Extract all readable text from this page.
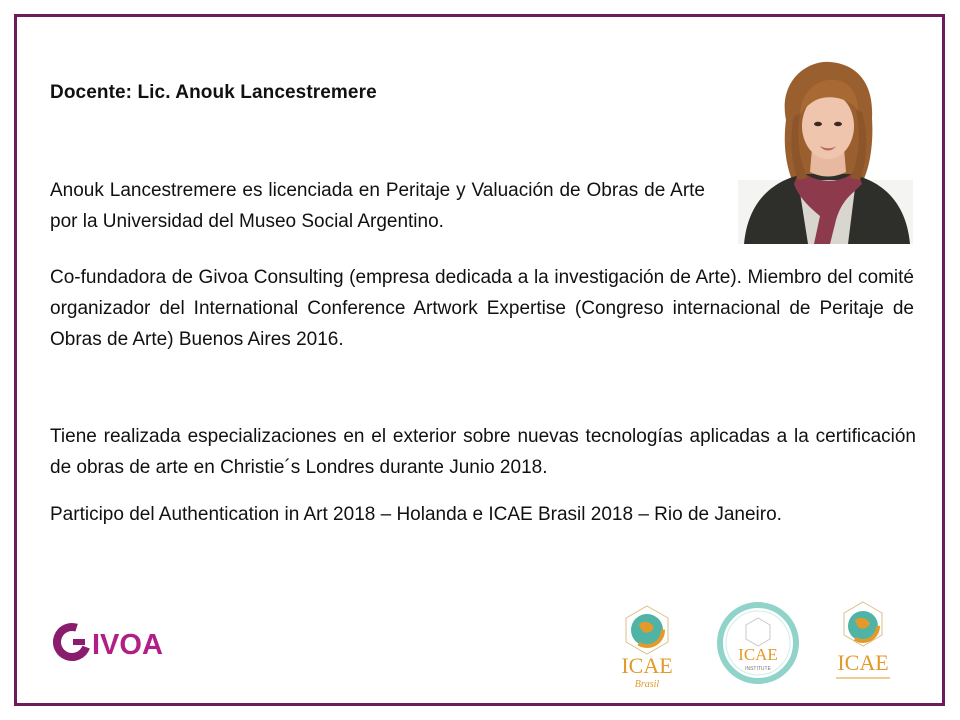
Docente: Lic. Anouk Lancestremere

Anouk Lancestremere es licenciada en Peritaje y Valuación de Obras de Arte por la Universidad del Museo Social Argentino.

Co-fundadora de Givoa Consulting (empresa dedicada a la investigación de Arte). Miembro del comité organizador del International Conference Artwork Expertise (Congreso internacional de Peritaje de Obras de Arte) Buenos Aires 2016.

Tiene realizada especializaciones en el exterior sobre nuevas tecnologías aplicadas a la certificación de obras de arte en Christie´s Londres durante Junio 2018.

Participo del Authentication in Art 2018 – Holanda e ICAE Brasil 2018 – Rio de Janeiro.

IVOA
ICAE
Brasil
ICAE
INSTITUTE	ICAE
